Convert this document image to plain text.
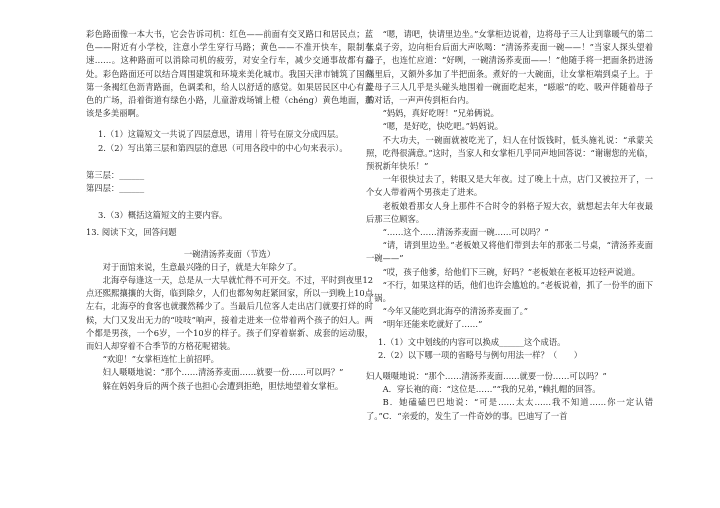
彩色路面像一本大书，它会告诉司机：红色——前面有交叉路口和居民点；蓝色——附近有小学校，注意小学生穿行马路；黄色——不准开快车，限制车速……。这种路面可以消除司机的疲劳，对安全行车，减少交通事故都有益处。彩色路面还可以结合周围建筑和环境来美化城市。我国天津市铺筑了国内第一条褐红色沥青路面，色调柔和，给人以舒适的感觉。如果居民区中心有蓝色的广场，沿着街道有绿色小路，儿童游戏场铺上橙（chéng）黄色地面，那该是多美丽啊。

1.（1）这篇短文一共说了四层意思，请用｜符号在原文分成四层。

2.（2）写出第三层和第四层的意思（可用各段中的中心句来表示）。

第三层：______

第四层：______

3.（3）概括这篇短文的主要内容。

13. 阅读下文，回答问题

一碗清汤荞麦面（节选）

对于面馆来说，生意最兴隆的日子，就是大年除夕了。

北海亭每逢这一天，总是从一大早就忙得不可开交。不过，平时到夜里12点还熙熙攘攘的大街，临到除夕，人们也都匆匆赶紧回家，所以一到晚上10点左右，北海亭的食客也就骤然稀少了。当最后几位客人走出店门就要打烊的时候，大门又发出无力的“吱吱”响声，接着走进来一位带着两个孩子的妇人。两个都是男孩，一个6岁，一个10岁的样子。孩子们穿着崭新、成套的运动服，而妇人却穿着不合季节的方格花呢裙装。

“欢迎！”女掌柜连忙上前招呼。

妇人嗫嗫地说：“那个……清汤荞麦面……就要一份……可以吗？”

躲在妈妈身后的两个孩子也担心会遭到拒绝，胆怯地望着女掌柜。

“嗯，请吧，快请里边坐。”女掌柜边说着，边将母子三人让到靠暖气的第二张桌子旁，边向柜台后面大声吆喝：“清汤荞麦面一碗——！”当家人探头望着母子，也连忙应道：“好咧，一碗清汤荞麦面——！”他随手将一把面条扔进汤锅里后，又额外多加了半把面条。煮好的一大碗面，让女掌柜端到桌子上。于是母子三人几乎是头碰头地围着一碗面吃起来，“嗞嗞”的吃、吸声伴随着母子的对话，一声声传到柜台内。

“妈妈，真好吃呀！”兄弟俩说。

“嗯，是好吃，快吃吧。”妈妈说。

不大功夫，一碗面就被吃光了，妇人在付饭钱时，低头施礼说：“承蒙关照，吃得很满意。”这时，当家人和女掌柜几乎同声地回答说：“谢谢您的光临，预祝新年快乐！”

一年很快过去了，转眼又是大年夜。过了晚上十点，店门又被拉开了，一个女人带着两个男孩走了进来。

老板娘看那女人身上那件不合时令的斜格子短大衣，就想起去年大年夜最后那三位顾客。

“……这个……清汤荞麦面一碗……可以吗？”

“请，请到里边坐。”老板娘又将他们带到去年的那张二号桌，“清汤荞麦面一碗——”

“哎，孩子他爹，给他们下三碗，好吗？”老板娘在老板耳边轻声说道。

“不行，如果这样的话，他们也许会尴尬的。”老板说着，抓了一份半的面下了锅。

“今年又能吃到北海亭的清汤荞麦面了。”

“明年还能来吃就好了……”

1.（1）文中划线的内容可以换成______这个成语。

2.（2）以下哪一项的省略号与例句用法一样？（　　）

妇人嗫嗫地说：“那个……清汤荞麦面……就要一份……可以吗？”

A．穿长袍的商：“这位是……”“我的兄弟，”赖扎帽的回答。

B．她磕磕巴巴地说：“可是……太太……我不知道……你一定认错了。”C．“亲爱的，发生了一件奇妙的事。巴迪写了一首
